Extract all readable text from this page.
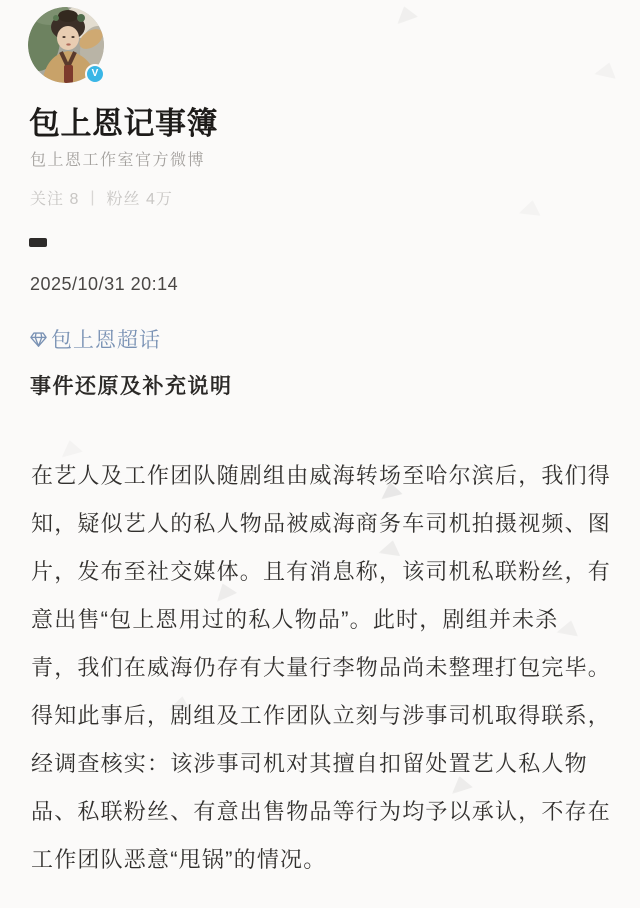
V
包上恩记事簿
包上恩工作室官方微博
关注 8 | 粉丝 4万
2025/10/31 20:14
包上恩超话
事件还原及补充说明
在艺人及工作团队随剧组由威海转场至哈尔滨后，我们得
知，疑似艺人的私人物品被威海商务车司机拍摄视频、图
片，发布至社交媒体。且有消息称，该司机私联粉丝，有
意出售“包上恩用过的私人物品”。此时，剧组并未杀
青，我们在威海仍存有大量行李物品尚未整理打包完毕。
得知此事后，剧组及工作团队立刻与涉事司机取得联系，
经调查核实：该涉事司机对其擅自扣留处置艺人私人物
品、私联粉丝、有意出售物品等行为均予以承认，不存在
工作团队恶意“甩锅”的情况。
